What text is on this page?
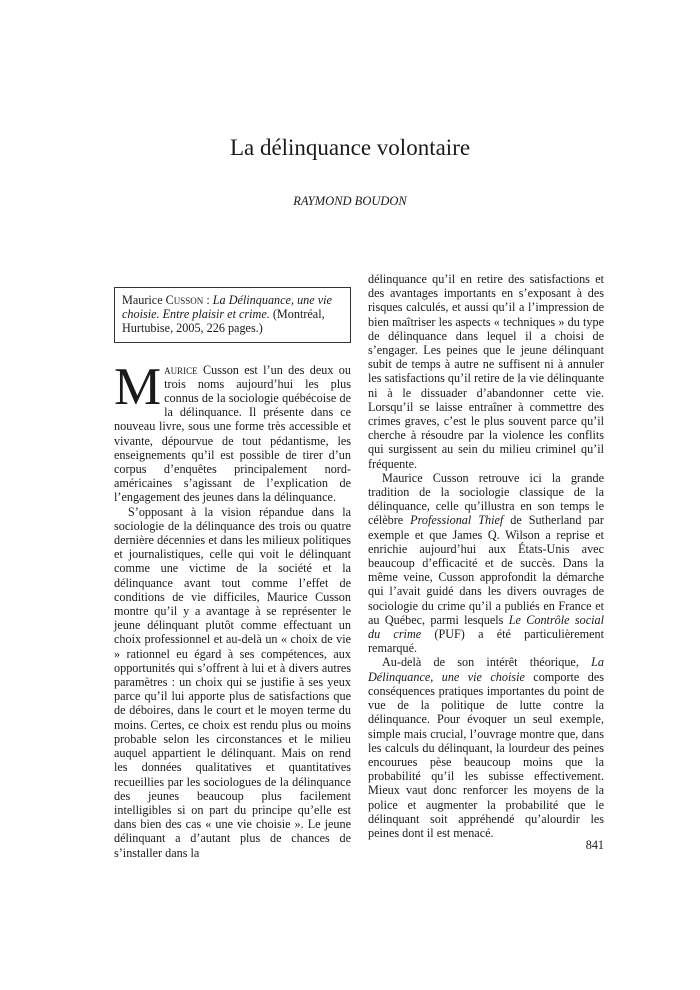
La délinquance volontaire
RAYMOND BOUDON
Maurice Cusson : La Délinquance, une vie choisie. Entre plaisir et crime. (Montréal, Hurtubise, 2005, 226 pages.)

Maurice Cusson est l’un des deux ou trois noms aujourd’hui les plus connus de la sociologie québécoise de la délinquance. Il présente dans ce nouveau livre, sous une forme très accessible et vivante, dépourvue de tout pédantisme, les enseignements qu’il est possible de tirer d’un corpus d’enquêtes principalement nord-américaines s’agissant de l’explication de l’engagement des jeunes dans la délinquance.

S’opposant à la vision répandue dans la sociologie de la délinquance des trois ou quatre dernière décennies et dans les milieux politiques et journalistiques, celle qui voit le délinquant comme une victime de la société et la délinquance avant tout comme l’effet de conditions de vie difficiles, Maurice Cusson montre qu’il y a avantage à se représenter le jeune délinquant plutôt comme effectuant un choix professionnel et au-delà un « choix de vie » rationnel eu égard à ses compétences, aux opportunités qui s’offrent à lui et à divers autres paramètres : un choix qui se justifie à ses yeux parce qu’il lui apporte plus de satisfactions que de déboires, dans le court et le moyen terme du moins. Certes, ce choix est rendu plus ou moins probable selon les circonstances et le milieu auquel appartient le délinquant. Mais on rend les données qualitatives et quantitatives recueillies par les sociologues de la délinquance des jeunes beaucoup plus facilement intelligibles si on part du principe qu’elle est dans bien des cas « une vie choisie ». Le jeune délinquant a d’autant plus de chances de s’installer dans la

délinquance qu’il en retire des satisfactions et des avantages importants en s’exposant à des risques calculés, et aussi qu’il a l’impression de bien maîtriser les aspects « techniques » du type de délinquance dans lequel il a choisi de s’engager. Les peines que le jeune délinquant subit de temps à autre ne suffisent ni à annuler les satisfactions qu’il retire de la vie délinquante ni à le dissuader d’abandonner cette vie. Lorsqu’il se laisse entraîner à commettre des crimes graves, c’est le plus souvent parce qu’il cherche à résoudre par la violence les conflits qui surgissent au sein du milieu criminel qu’il fréquente.

Maurice Cusson retrouve ici la grande tradition de la sociologie classique de la délinquance, celle qu’illustra en son temps le célèbre Professional Thief de Sutherland par exemple et que James Q. Wilson a reprise et enrichie aujourd’hui aux États-Unis avec beaucoup d’efficacité et de succès. Dans la même veine, Cusson approfondit la démarche qui l’avait guidé dans les divers ouvrages de sociologie du crime qu’il a publiés en France et au Québec, parmi lesquels Le Contrôle social du crime (PUF) a été particulièrement remarqué.

Au-delà de son intérêt théorique, La Délinquance, une vie choisie comporte des conséquences pratiques importantes du point de vue de la politique de lutte contre la délinquance. Pour évoquer un seul exemple, simple mais crucial, l’ouvrage montre que, dans les calculs du délinquant, la lourdeur des peines encourues pèse beaucoup moins que la probabilité qu’il les subisse effectivement. Mieux vaut donc renforcer les moyens de la police et augmenter la probabilité que le délinquant soit appréhendé qu’alourdir les peines dont il est menacé.

841
